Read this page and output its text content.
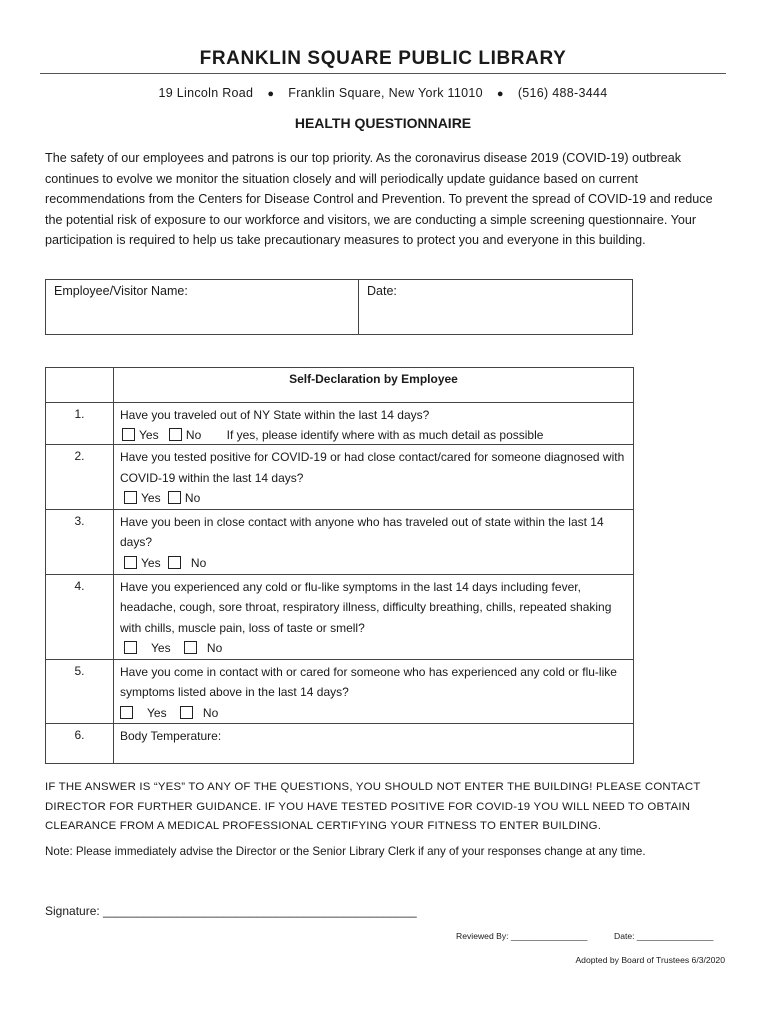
FRANKLIN SQUARE PUBLIC LIBRARY
19 Lincoln Road ● Franklin Square, New York 11010 ● (516) 488-3444
HEALTH QUESTIONNAIRE
The safety of our employees and patrons is our top priority. As the coronavirus disease 2019 (COVID-19) outbreak continues to evolve we monitor the situation closely and will periodically update guidance based on current recommendations from the Centers for Disease Control and Prevention. To prevent the spread of COVID-19 and reduce the potential risk of exposure to our workforce and visitors, we are conducting a simple screening questionnaire. Your participation is required to help us take precautionary measures to protect you and everyone in this building.
Employee/Visitor Name:	Date:
	Self-Declaration by Employee
1.	Have you traveled out of NY State within the last 14 days?
Yes No If yes, please identify where with as much detail as possible

2.	Have you tested positive for COVID-19 or had close contact/cared for someone diagnosed with COVID-19 within the last 14 days?
Yes No

3.	Have you been in close contact with anyone who has traveled out of state within the last 14 days?
Yes No

4.	Have you experienced any cold or flu-like symptoms in the last 14 days including fever, headache, cough, sore throat, respiratory illness, difficulty breathing, chills, repeated shaking with chills, muscle pain, loss of taste or smell?
Yes No

5.	Have you come in contact with or cared for someone who has experienced any cold or flu-like symptoms listed above in the last 14 days?
Yes No

6.	Body Temperature:
IF THE ANSWER IS “YES” TO ANY OF THE QUESTIONS, YOU SHOULD NOT ENTER THE BUILDING! PLEASE CONTACT DIRECTOR FOR FURTHER GUIDANCE. IF YOU HAVE TESTED POSITIVE FOR COVID-19 YOU WILL NEED TO OBTAIN CLEARANCE FROM A MEDICAL PROFESSIONAL CERTIFYING YOUR FITNESS TO ENTER BUILDING.
Note: Please immediately advise the Director or the Senior Library Clerk if any of your responses change at any time.
Signature: _______________________________________________
Reviewed By: ________________	Date: ________________
Adopted by Board of Trustees 6/3/2020
